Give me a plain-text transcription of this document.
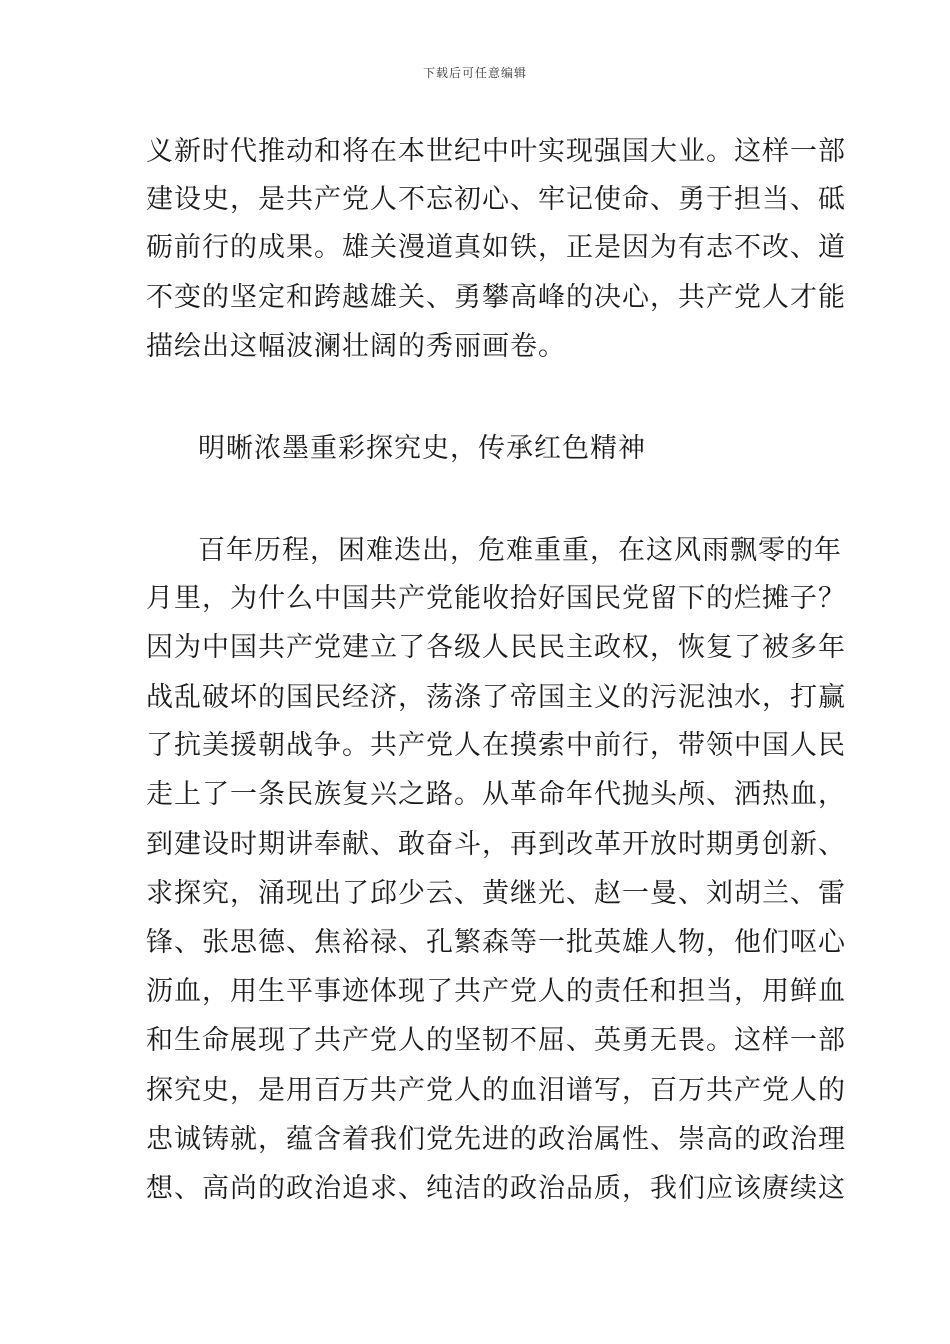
下载后可任意编辑
义新时代推动和将在本世纪中叶实现强国大业。这样一部
建设史，是共产党人不忘初心、牢记使命、勇于担当、砥
砺前行的成果。雄关漫道真如铁，正是因为有志不改、道
不变的坚定和跨越雄关、勇攀高峰的决心，共产党人才能
描绘出这幅波澜壮阔的秀丽画卷。
明晰浓墨重彩探究史，传承红色精神
百年历程，困难迭出，危难重重，在这风雨飘零的年
月里，为什么中国共产党能收拾好国民党留下的烂摊子？
因为中国共产党建立了各级人民民主政权，恢复了被多年
战乱破坏的国民经济，荡涤了帝国主义的污泥浊水，打赢
了抗美援朝战争。共产党人在摸索中前行，带领中国人民
走上了一条民族复兴之路。从革命年代抛头颅、洒热血，
到建设时期讲奉献、敢奋斗，再到改革开放时期勇创新、
求探究，涌现出了邱少云、黄继光、赵一曼、刘胡兰、雷
锋、张思德、焦裕禄、孔繁森等一批英雄人物，他们呕心
沥血，用生平事迹体现了共产党人的责任和担当，用鲜血
和生命展现了共产党人的坚韧不屈、英勇无畏。这样一部
探究史，是用百万共产党人的血泪谱写，百万共产党人的
忠诚铸就，蕴含着我们党先进的政治属性、崇高的政治理
想、高尚的政治追求、纯洁的政治品质，我们应该赓续这
